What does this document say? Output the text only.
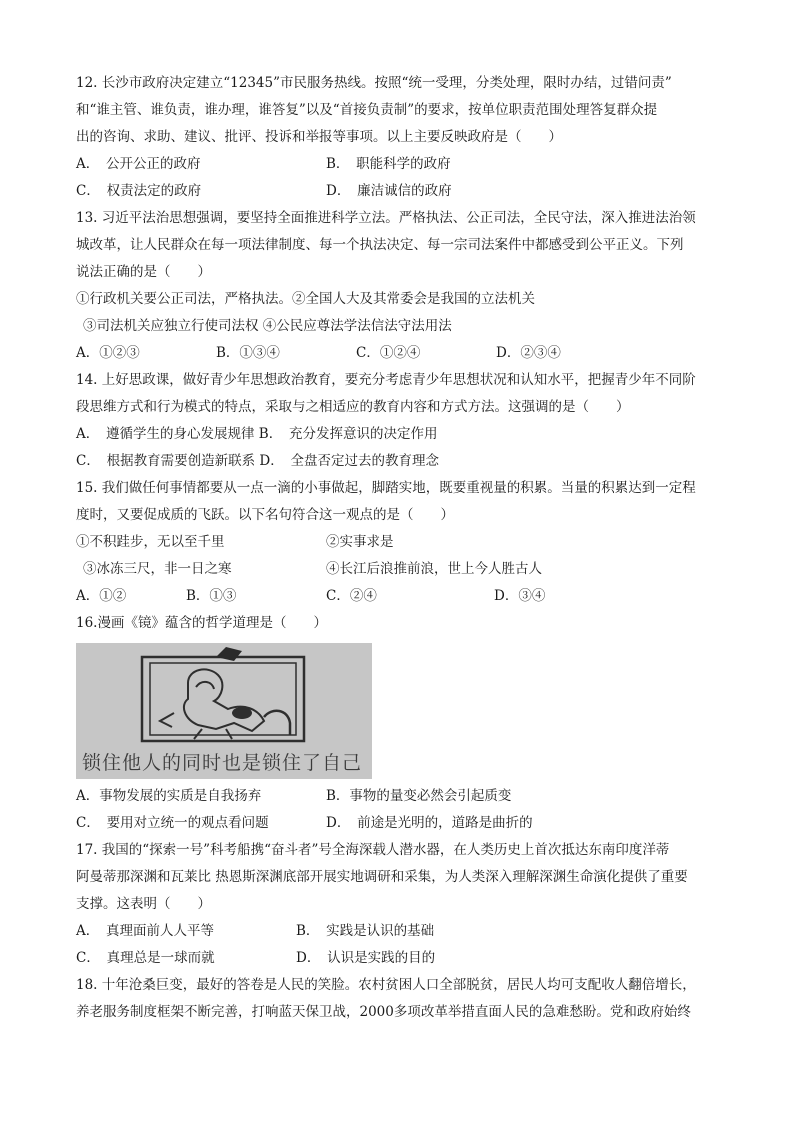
12. 长沙市政府决定建立“12345”市民服务热线。按照“统一受理，分类处理，限时办结，过错问责”
和“谁主管、谁负责，谁办理，谁答复”以及“首接负责制”的要求，按单位职责范围处理答复群众提
出的咨询、求助、建议、批评、投诉和举报等事项。以上主要反映政府是（　　）
A．　公开公正的政府	B．　职能科学的政府
C．　权责法定的政府	D．　廉洁诚信的政府
13. 习近平法治思想强调，要坚持全面推进科学立法。严格执法、公正司法，全民守法，深入推进法治领
城改革，让人民群众在每一项法律制度、每一个执法决定、每一宗司法案件中都感受到公平正义。下列
说法正确的是（　　）
①行政机关要公正司法，严格执法。②全国人大及其常委会是我国的立法机关
③司法机关应独立行使司法权 ④公民应尊法学法信法守法用法
A．①②③	B．①③④	C．①②④	D．②③④
14. 上好思政课，做好青少年思想政治教育，要充分考虑青少年思想状况和认知水平，把握青少年不同阶
段思维方式和行为模式的特点，采取与之相适应的教育内容和方式方法。这强调的是（　　）
A．　遵循学生的身心发展规律 B．　充分发挥意识的决定作用
C．　根据教育需要创造新联系 D．　全盘否定过去的教育理念
15. 我们做任何事情都要从一点一滴的小事做起，脚踏实地，既要重视量的积累。当量的积累达到一定程
度时，又要促成质的飞跃。以下名句符合这一观点的是（　　）
①不积跬步，无以至千里	②实事求是
③冰冻三尺，非一日之寒	④长江后浪推前浪，世上今人胜古人
A．①②	B．①③	C．②④	D．③④
16.漫画《镜》蕴含的哲学道理是（　　）
锁住他人的同时也是锁住了自己
A．事物发展的实质是自我扬弃	B．事物的量变必然会引起质变
C．　要用对立统一的观点看问题	D．　前途是光明的，道路是曲折的
17. 我国的“探索一号”科考船携“奋斗者”号全海深载人潜水器，在人类历史上首次抵达东南印度洋蒂
阿曼蒂那深渊和瓦莱比 热恩斯深渊底部开展实地调研和采集，为人类深入理解深渊生命演化提供了重要
支撑。这表明（　　）
A．　真理面前人人平等	B．　实践是认识的基础
C．　真理总是一球而就	D．　认识是实践的目的
18. 十年沧桑巨变，最好的答卷是人民的笑脸。农村贫困人口全部脱贫，居民人均可支配收人翻倍增长，
养老服务制度框架不断完善，打响蓝天保卫战，2000多项改革举措直面人民的急难愁盼。党和政府始终
